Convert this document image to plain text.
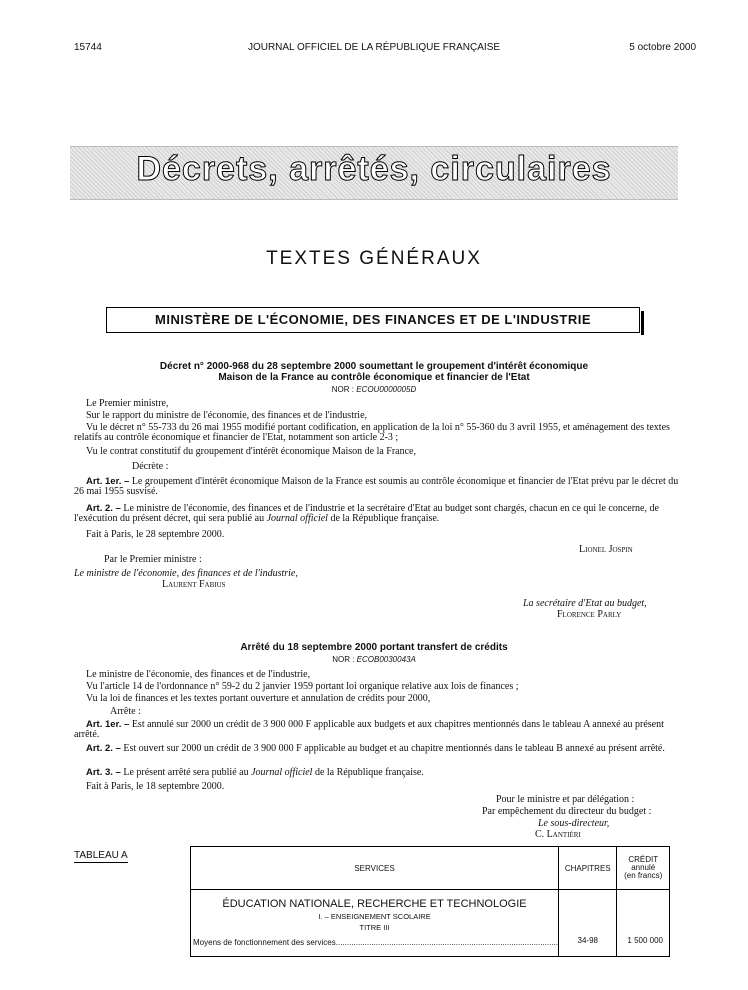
15744	JOURNAL OFFICIEL DE LA RÉPUBLIQUE FRANÇAISE	5 octobre 2000
Décrets, arrêtés, circulaires
TEXTES GÉNÉRAUX
MINISTÈRE DE L'ÉCONOMIE, DES FINANCES ET DE L'INDUSTRIE
Décret n° 2000-968 du 28 septembre 2000 soumettant le groupement d'intérêt économique
Maison de la France au contrôle économique et financier de l'Etat
NOR : ECOU0000005D
Le Premier ministre,
Sur le rapport du ministre de l'économie, des finances et de l'industrie,
Vu le décret n° 55-733 du 26 mai 1955 modifié portant codification, en application de la loi n° 55-360 du 3 avril 1955, et aménagement des textes relatifs au contrôle économique et financier de l'Etat, notamment son article 2-3 ;
Vu le contrat constitutif du groupement d'intérêt économique Maison de la France,
Décrète :
Art. 1er. – Le groupement d'intérêt économique Maison de la France est soumis au contrôle économique et financier de l'Etat prévu par le décret du 26 mai 1955 susvisé.
Art. 2. – Le ministre de l'économie, des finances et de l'industrie et la secrétaire d'Etat au budget sont chargés, chacun en ce qui le concerne, de l'exécution du présent décret, qui sera publié au Journal officiel de la République française.
Fait à Paris, le 28 septembre 2000.
Lionel Jospin
Par le Premier ministre :
Le ministre de l'économie, des finances et de l'industrie,
Laurent Fabius
La secrétaire d'Etat au budget,
Florence Parly
Arrêté du 18 septembre 2000 portant transfert de crédits
NOR : ECOB0030043A
Le ministre de l'économie, des finances et de l'industrie,
Vu l'article 14 de l'ordonnance n° 59-2 du 2 janvier 1959 portant loi organique relative aux lois de finances ;
Vu la loi de finances et les textes portant ouverture et annulation de crédits pour 2000,
Arrête :
Art. 1er. – Est annulé sur 2000 un crédit de 3 900 000 F applicable aux budgets et aux chapitres mentionnés dans le tableau A annexé au présent arrêté.
Art. 2. – Est ouvert sur 2000 un crédit de 3 900 000 F applicable au budget et au chapitre mentionnés dans le tableau B annexé au présent arrêté.
Art. 3. – Le présent arrêté sera publié au Journal officiel de la République française.
Fait à Paris, le 18 septembre 2000.
Pour le ministre et par délégation :
Par empêchement du directeur du budget :
Le sous-directeur,
C. Lantiéri
TABLEAU A
SERVICES	CHAPITRES	CRÉDIT
annulé
(en francs)

ÉDUCATION NATIONALE, RECHERCHE ET TECHNOLOGIE
I. – ENSEIGNEMENT SCOLAIRE
TITRE III
Moyens de fonctionnement des services....................................................................................................	34-98	1 500 000
